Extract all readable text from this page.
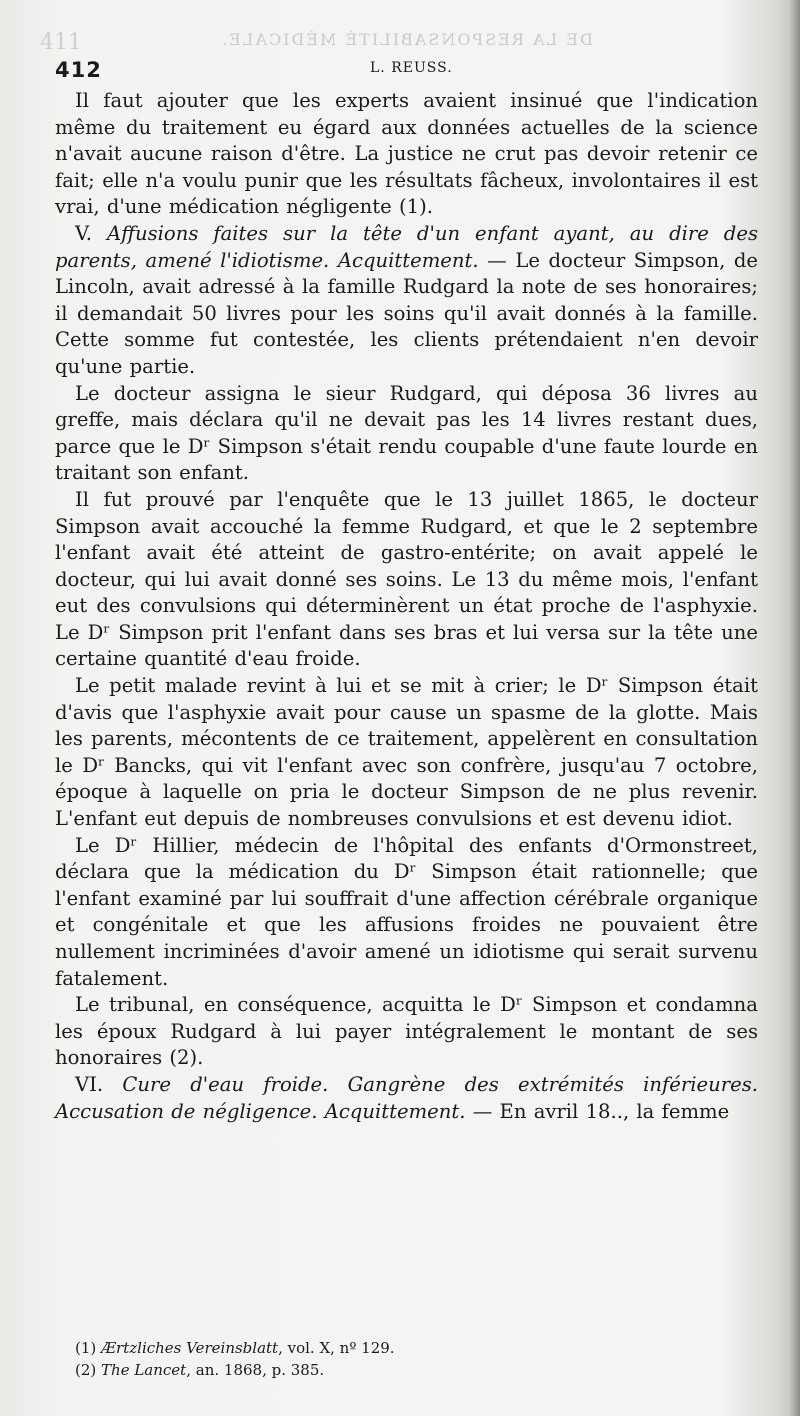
411	DE LA RESPONSABILITÉ MÉDICALE.
412	L. REUSS.

Il faut ajouter que les experts avaient insinué que l'indication même du traitement eu égard aux données actuelles de la science n'avait aucune raison d'être. La justice ne crut pas devoir retenir ce fait; elle n'a voulu punir que les résultats fâcheux, involontaires il est vrai, d'une médication négligente (1).

V. Affusions faites sur la tête d'un enfant ayant, au dire des parents, amené l'idiotisme. Acquittement. — Le docteur Simpson, de Lincoln, avait adressé à la famille Rudgard la note de ses honoraires; il demandait 50 livres pour les soins qu'il avait donnés à la famille. Cette somme fut contestée, les clients prétendaient n'en devoir qu'une partie.

Le docteur assigna le sieur Rudgard, qui déposa 36 livres au greffe, mais déclara qu'il ne devait pas les 14 livres restant dues, parce que le Dʳ Simpson s'était rendu coupable d'une faute lourde en traitant son enfant.

Il fut prouvé par l'enquête que le 13 juillet 1865, le docteur Simpson avait accouché la femme Rudgard, et que le 2 septembre l'enfant avait été atteint de gastro-entérite; on avait appelé le docteur, qui lui avait donné ses soins. Le 13 du même mois, l'enfant eut des convulsions qui déterminèrent un état proche de l'asphyxie. Le Dʳ Simpson prit l'enfant dans ses bras et lui versa sur la tête une certaine quantité d'eau froide.

Le petit malade revint à lui et se mit à crier; le Dʳ Simpson était d'avis que l'asphyxie avait pour cause un spasme de la glotte. Mais les parents, mécontents de ce traitement, appelèrent en consultation le Dʳ Bancks, qui vit l'enfant avec son confrère, jusqu'au 7 octobre, époque à laquelle on pria le docteur Simpson de ne plus revenir. L'enfant eut depuis de nombreuses convulsions et est devenu idiot.

Le Dʳ Hillier, médecin de l'hôpital des enfants d'Ormonstreet, déclara que la médication du Dʳ Simpson était rationnelle; que l'enfant examiné par lui souffrait d'une affection cérébrale organique et congénitale et que les affusions froides ne pouvaient être nullement incriminées d'avoir amené un idiotisme qui serait survenu fatalement.

Le tribunal, en conséquence, acquitta le Dʳ Simpson et condamna les époux Rudgard à lui payer intégralement le montant de ses honoraires (2).

VI. Cure d'eau froide. Gangrène des extrémités inférieures. Accusation de négligence. Acquittement. — En avril 18.., la femme

(1) Ærtzliches Vereinsblatt, vol. X, nº 129.
(2) The Lancet, an. 1868, p. 385.
